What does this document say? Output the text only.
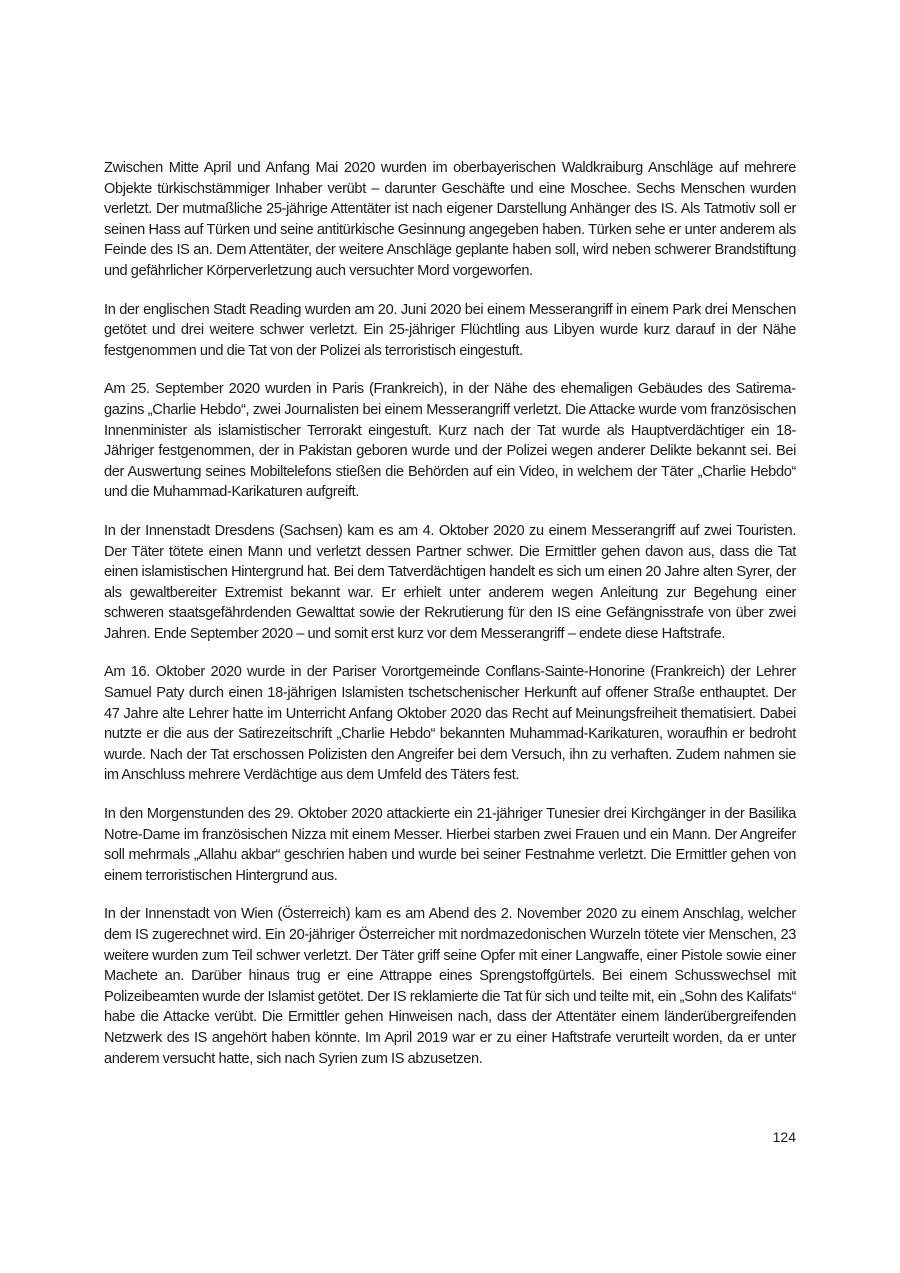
Zwischen Mitte April und Anfang Mai 2020 wurden im oberbayerischen Waldkraiburg Anschläge auf mehrere Objekte türkischstämmiger Inhaber verübt – darunter Geschäfte und eine Moschee. Sechs Menschen wurden verletzt. Der mutmaßliche 25-jährige Attentäter ist nach eigener Darstellung Anhänger des IS. Als Tatmotiv soll er seinen Hass auf Türken und seine antitürkische Gesinnung angegeben haben. Türken sehe er unter anderem als Feinde des IS an. Dem Attentäter, der weitere Anschläge geplante haben soll, wird neben schwerer Brandstiftung und gefährlicher Körperverletzung auch versuchter Mord vorgeworfen.

In der englischen Stadt Reading wurden am 20. Juni 2020 bei einem Messerangriff in einem Park drei Menschen getötet und drei weitere schwer verletzt. Ein 25-jähriger Flüchtling aus Libyen wurde kurz darauf in der Nähe festgenommen und die Tat von der Polizei als terroristisch eingestuft.

Am 25. September 2020 wurden in Paris (Frankreich), in der Nähe des ehemaligen Gebäudes des Satiremagazins „Charlie Hebdo“, zwei Journalisten bei einem Messerangriff verletzt. Die Attacke wurde vom französischen Innenminister als islamistischer Terrorakt eingestuft. Kurz nach der Tat wurde als Hauptverdächtiger ein 18-Jähriger festgenommen, der in Pakistan geboren wurde und der Polizei wegen anderer Delikte bekannt sei. Bei der Auswertung seines Mobiltelefons stießen die Behörden auf ein Video, in welchem der Täter „Charlie Hebdo“ und die Muhammad-Karikaturen aufgreift.

In der Innenstadt Dresdens (Sachsen) kam es am 4. Oktober 2020 zu einem Messerangriff auf zwei Touristen. Der Täter tötete einen Mann und verletzt dessen Partner schwer. Die Ermittler gehen davon aus, dass die Tat einen islamistischen Hintergrund hat. Bei dem Tatverdächtigen handelt es sich um einen 20 Jahre alten Syrer, der als gewaltbereiter Extremist bekannt war. Er erhielt unter anderem wegen Anleitung zur Begehung einer schweren staatsgefährdenden Gewalttat sowie der Rekrutierung für den IS eine Gefängnisstrafe von über zwei Jahren. Ende September 2020 – und somit erst kurz vor dem Messerangriff – endete diese Haftstrafe.

Am 16. Oktober 2020 wurde in der Pariser Vorortgemeinde Conflans-Sainte-Honorine (Frankreich) der Lehrer Samuel Paty durch einen 18-jährigen Islamisten tschetschenischer Herkunft auf offener Straße enthauptet. Der 47 Jahre alte Lehrer hatte im Unterricht Anfang Oktober 2020 das Recht auf Meinungsfreiheit thematisiert. Dabei nutzte er die aus der Satirezeitschrift „Charlie Hebdo“ bekannten Muhammad-Karikaturen, woraufhin er bedroht wurde. Nach der Tat erschossen Polizisten den Angreifer bei dem Versuch, ihn zu verhaften. Zudem nahmen sie im Anschluss mehrere Verdächtige aus dem Umfeld des Täters fest.

In den Morgenstunden des 29. Oktober 2020 attackierte ein 21-jähriger Tunesier drei Kirchgänger in der Basilika Notre-Dame im französischen Nizza mit einem Messer. Hierbei starben zwei Frauen und ein Mann. Der Angreifer soll mehrmals „Allahu akbar“ geschrien haben und wurde bei seiner Festnahme verletzt. Die Ermittler gehen von einem terroristischen Hintergrund aus.

In der Innenstadt von Wien (Österreich) kam es am Abend des 2. November 2020 zu einem Anschlag, welcher dem IS zugerechnet wird. Ein 20-jähriger Österreicher mit nordmazedonischen Wurzeln tötete vier Menschen, 23 weitere wurden zum Teil schwer verletzt. Der Täter griff seine Opfer mit einer Langwaffe, einer Pistole sowie einer Machete an. Darüber hinaus trug er eine Attrappe eines Sprengstoffgürtels. Bei einem Schusswechsel mit Polizeibeamten wurde der Islamist getötet. Der IS reklamierte die Tat für sich und teilte mit, ein „Sohn des Kalifats“ habe die Attacke verübt. Die Ermittler gehen Hinweisen nach, dass der Attentäter einem länderübergreifenden Netzwerk des IS angehört haben könnte. Im April 2019 war er zu einer Haftstrafe verurteilt worden, da er unter anderem versucht hatte, sich nach Syrien zum IS abzusetzen.

124
